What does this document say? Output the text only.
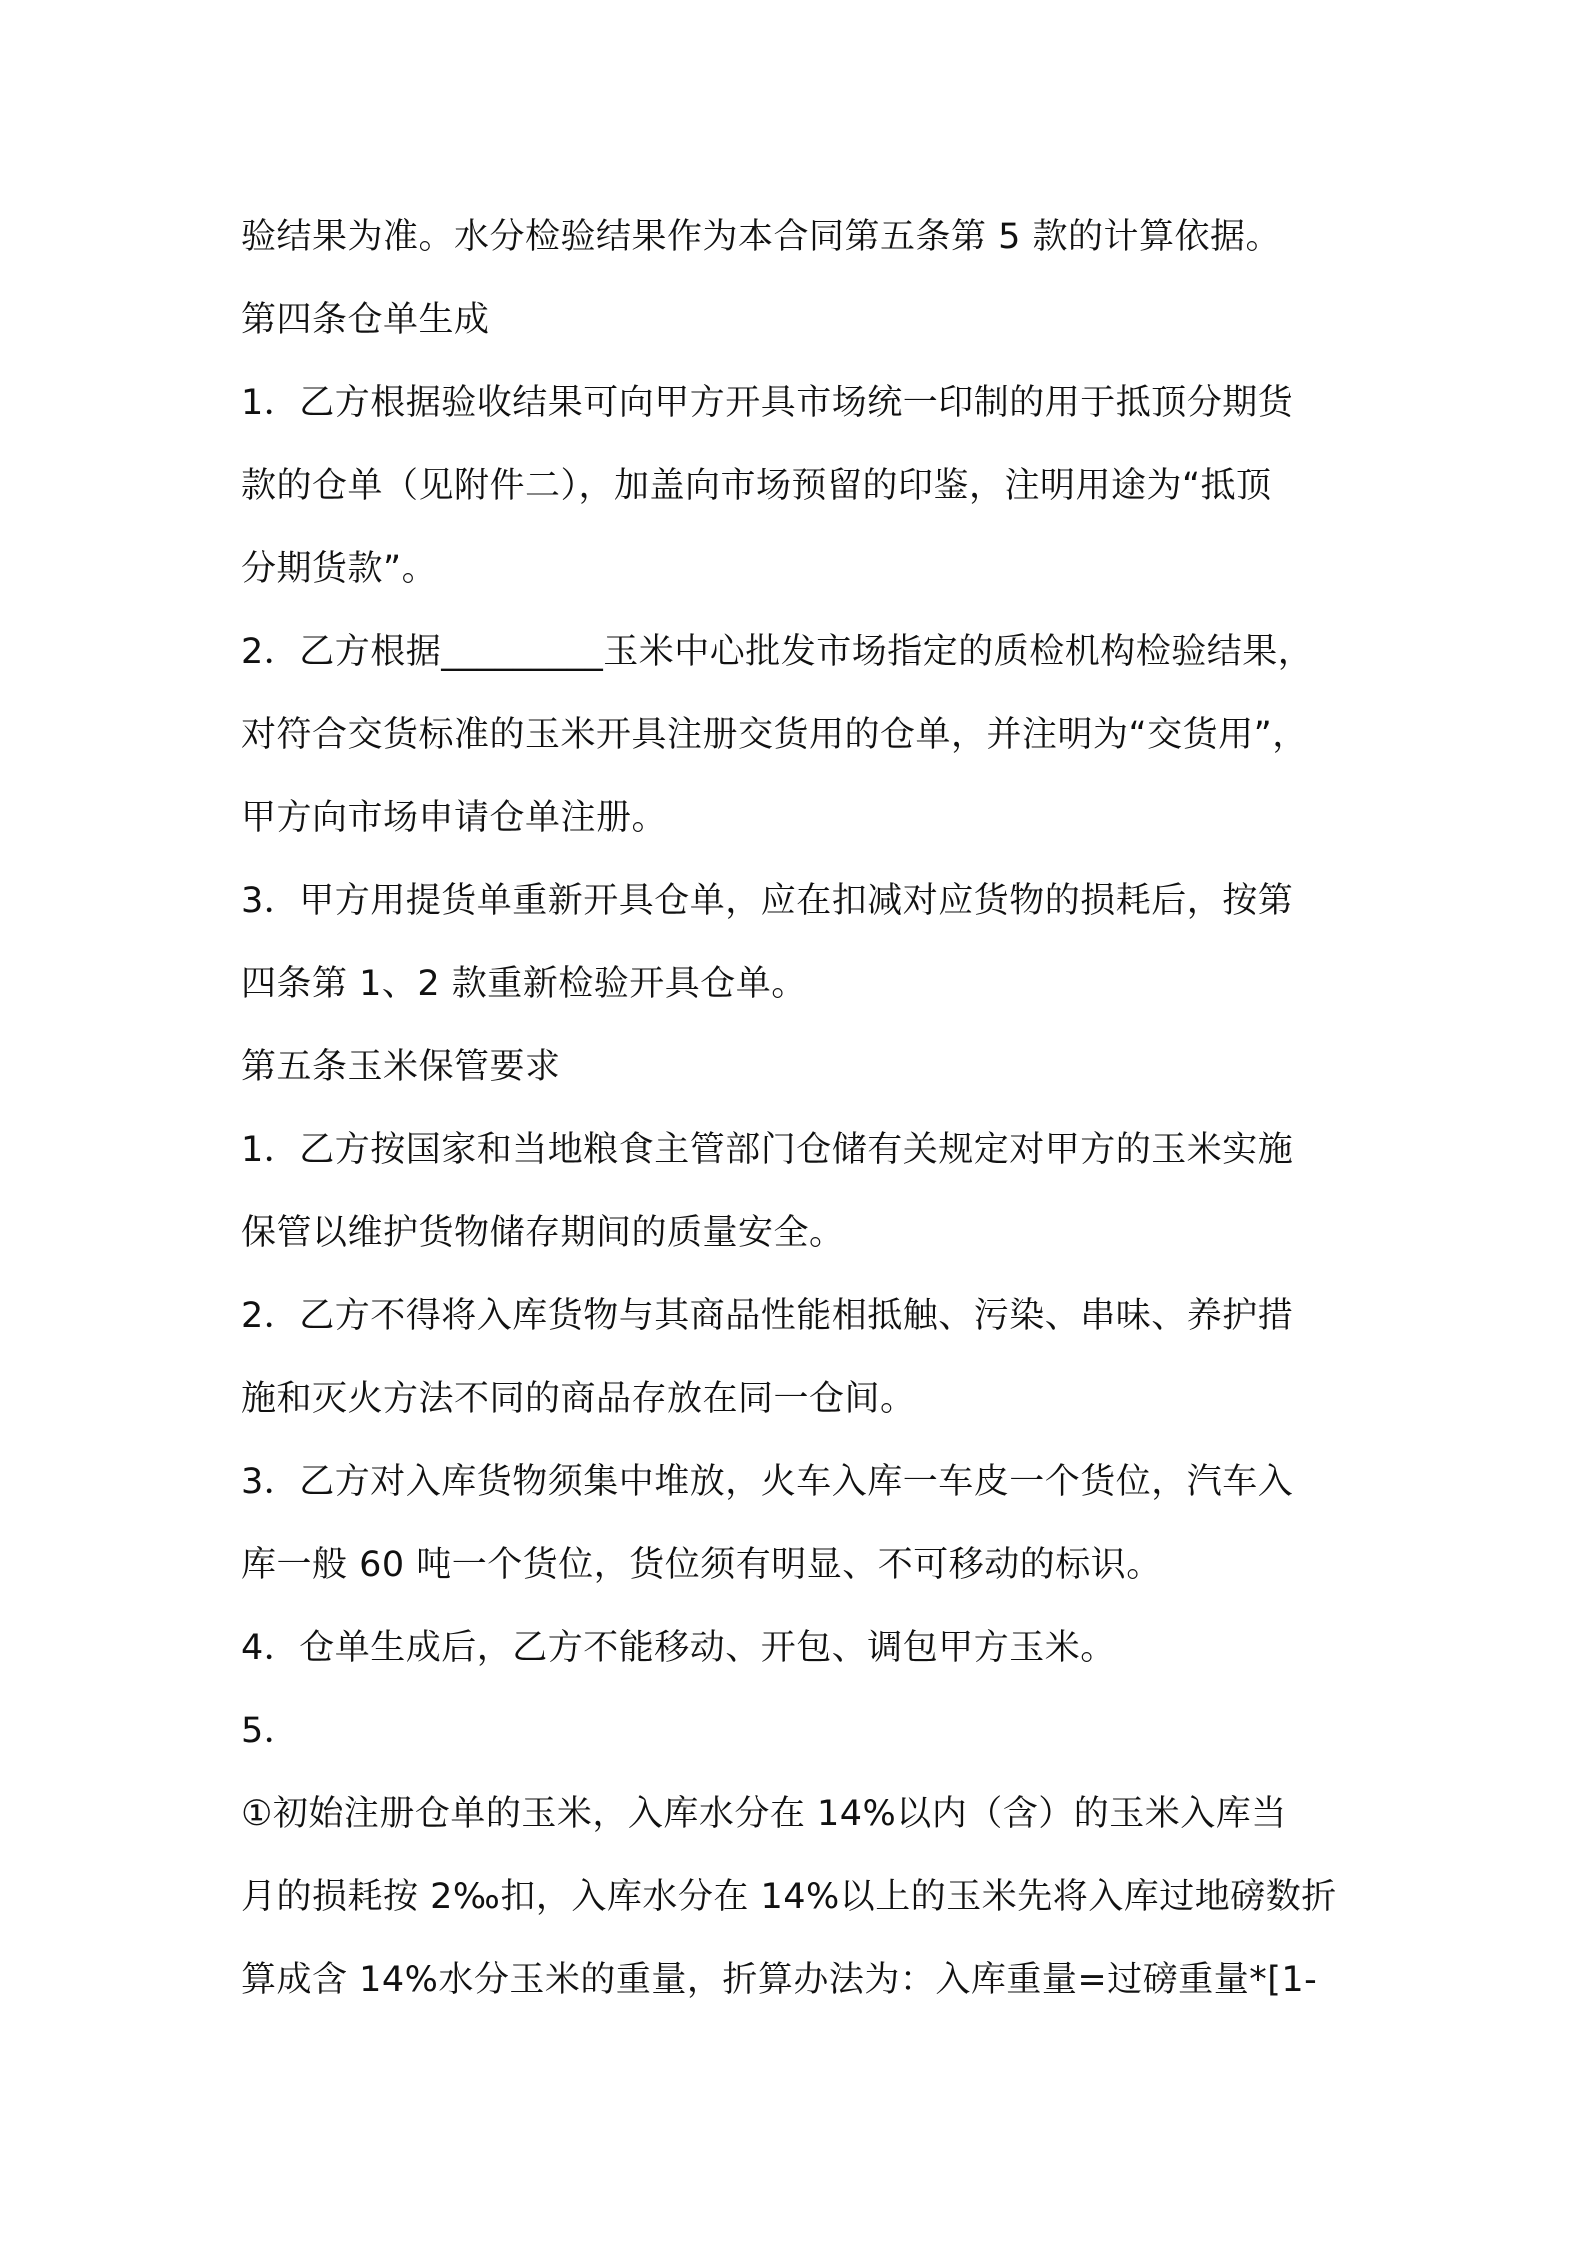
验结果为准。水分检验结果作为本合同第五条第 5 款的计算依据。
第四条仓单生成
1．乙方根据验收结果可向甲方开具市场统一印制的用于抵顶分期货
款的仓单（见附件二），加盖向市场预留的印鉴，注明用途为“抵顶
分期货款”。
2．乙方根据_________玉米中心批发市场指定的质检机构检验结果，
对符合交货标准的玉米开具注册交货用的仓单，并注明为“交货用”，
甲方向市场申请仓单注册。
3．甲方用提货单重新开具仓单，应在扣减对应货物的损耗后，按第
四条第 1、2 款重新检验开具仓单。
第五条玉米保管要求
1．乙方按国家和当地粮食主管部门仓储有关规定对甲方的玉米实施
保管以维护货物储存期间的质量安全。
2．乙方不得将入库货物与其商品性能相抵触、污染、串味、养护措
施和灭火方法不同的商品存放在同一仓间。
3．乙方对入库货物须集中堆放，火车入库一车皮一个货位，汽车入
库一般 60 吨一个货位，货位须有明显、不可移动的标识。
4．仓单生成后，乙方不能移动、开包、调包甲方玉米。
5．
①初始注册仓单的玉米，入库水分在 14%以内（含）的玉米入库当
月的损耗按 2‰扣，入库水分在 14%以上的玉米先将入库过地磅数折
算成含 14%水分玉米的重量，折算办法为：入库重量=过磅重量*[1-
